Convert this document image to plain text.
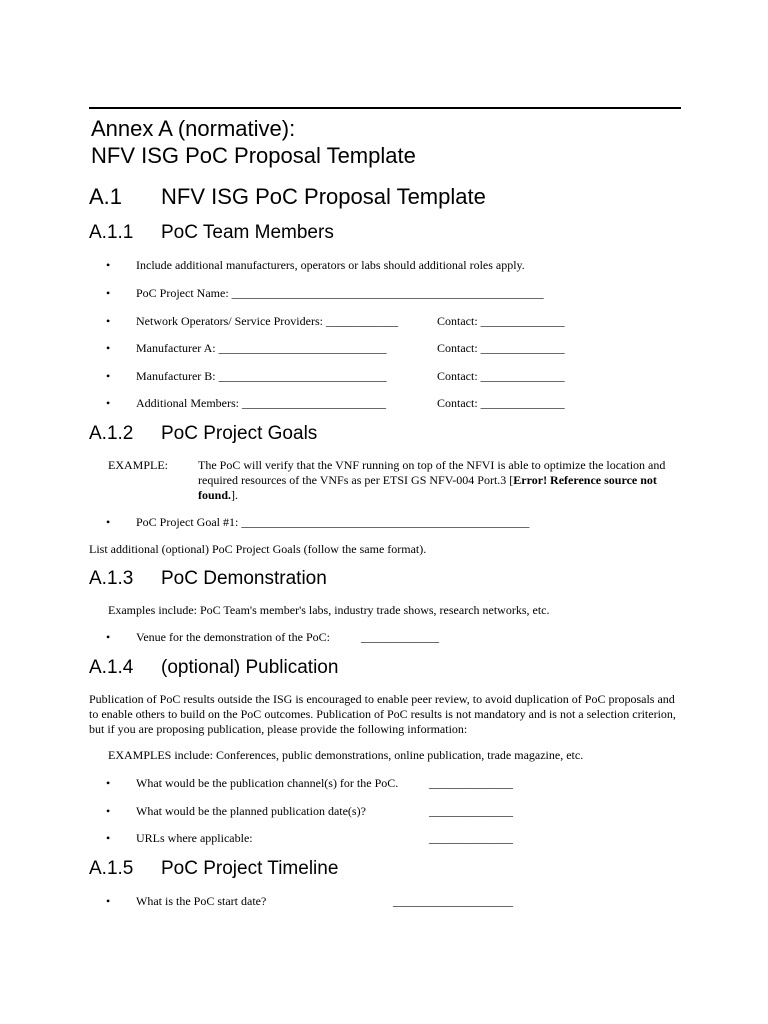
Annex A (normative):
NFV ISG PoC Proposal Template
A.1 NFV ISG PoC Proposal Template
A.1.1 PoC Team Members
• Include additional manufacturers, operators or labs should additional roles apply.
• PoC Project Name: ____________________________________________________
• Network Operators/ Service Providers: ____________	Contact: ______________
• Manufacturer A: ____________________________	Contact: ______________
• Manufacturer B: ____________________________	Contact: ______________
• Additional Members: ________________________	Contact: ______________
A.1.2 PoC Project Goals
EXAMPLE:	The PoC will verify that the VNF running on top of the NFVI is able to optimize the location and required resources of the VNFs as per ETSI GS NFV-004 Port.3 [Error! Reference source not found.].
• PoC Project Goal #1: ________________________________________________
List additional (optional) PoC Project Goals (follow the same format).
A.1.3 PoC Demonstration
Examples include: PoC Team's member's labs, industry trade shows, research networks, etc.
• Venue for the demonstration of the PoC:	_____________
A.1.4 (optional) Publication
Publication of PoC results outside the ISG is encouraged to enable peer review, to avoid duplication of PoC proposals and to enable others to build on the PoC outcomes. Publication of PoC results is not mandatory and is not a selection criterion, but if you are proposing publication, please provide the following information:
EXAMPLES include: Conferences, public demonstrations, online publication, trade magazine, etc.
• What would be the publication channel(s) for the PoC.	______________
• What would be the planned publication date(s)?	______________
• URLs where applicable:	______________
A.1.5 PoC Project Timeline
• What is the PoC start date?	____________________
